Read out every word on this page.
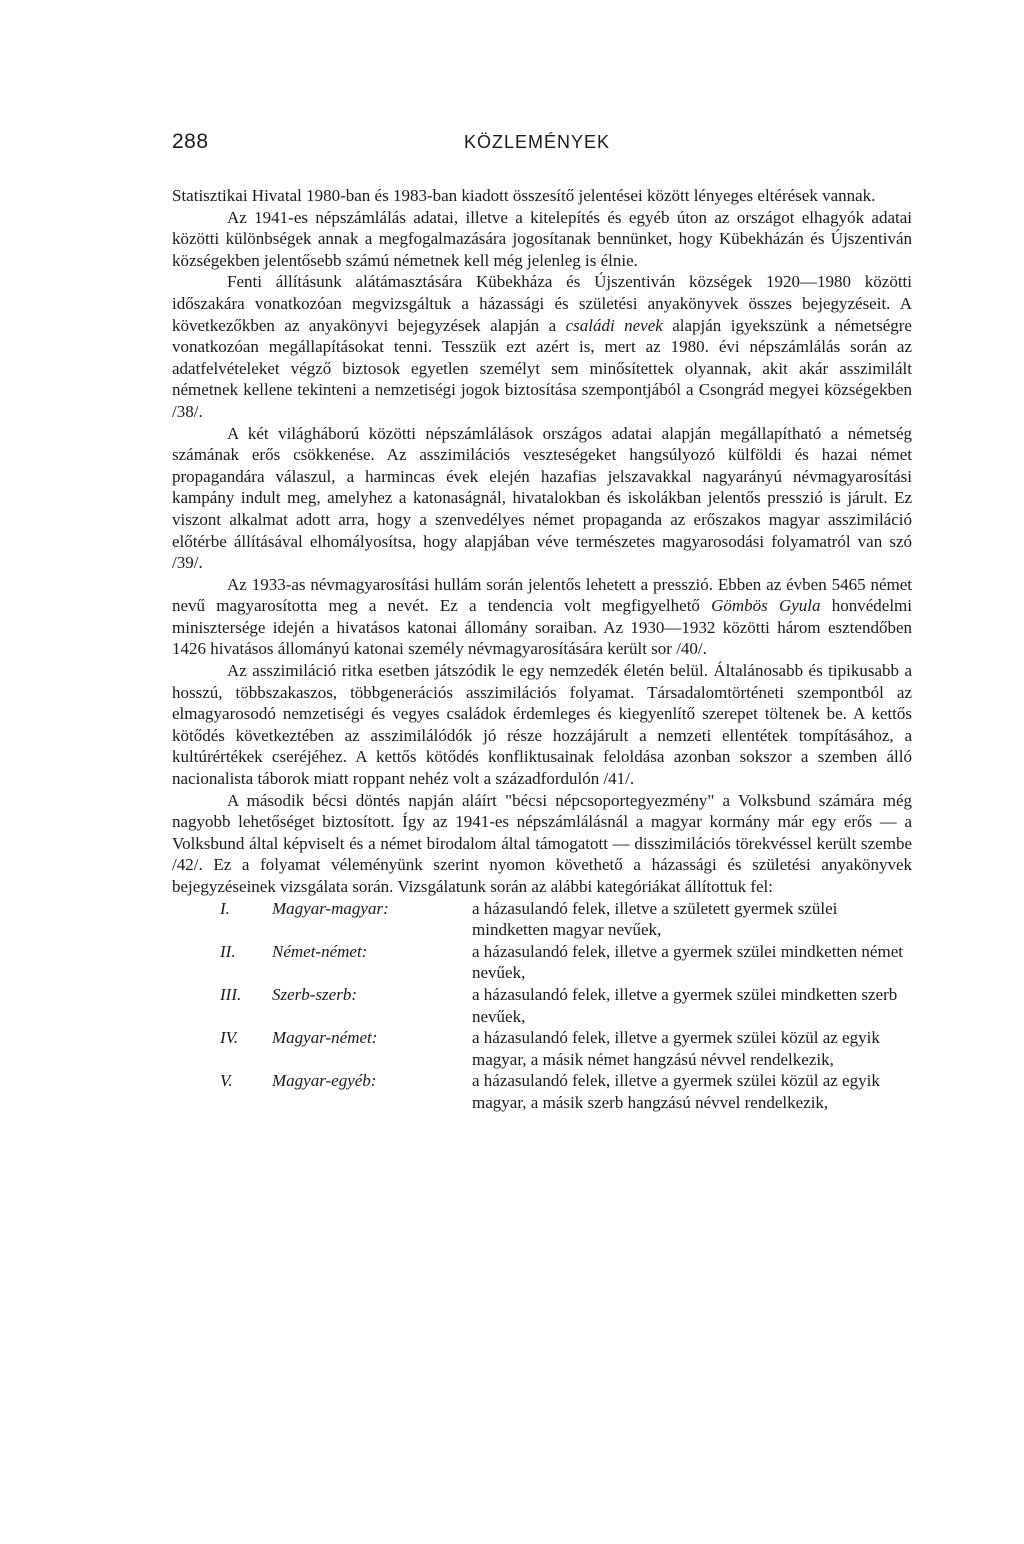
288	KÖZLEMÉNYEK

Statisztikai Hivatal 1980-ban és 1983-ban kiadott összesítő jelentései között lényeges eltérések vannak.

Az 1941-es népszámlálás adatai, illetve a kitelepítés és egyéb úton az országot elhagyók adatai közötti különbségek annak a megfogalmazására jogosítanak bennünket, hogy Kübekházán és Újszentiván községekben jelentősebb számú németnek kell még jelenleg is élnie.

Fenti állításunk alátámasztására Kübekháza és Újszentiván községek 1920—1980 közötti időszakára vonatkozóan megvizsgáltuk a házassági és születési anyakönyvek összes bejegyzéseit. A következőkben az anyakönyvi bejegyzések alapján a családi nevek alapján igyekszünk a németségre vonatkozóan megállapításokat tenni. Tesszük ezt azért is, mert az 1980. évi népszámlálás során az adatfelvételeket végző biztosok egyetlen személyt sem minősítettek olyannak, akit akár asszimilált németnek kellene tekinteni a nemzetiségi jogok biztosítása szempontjából a Csongrád megyei községekben /38/.

A két világháború közötti népszámlálások országos adatai alapján megállapítható a németség számának erős csökkenése. Az asszimilációs veszteségeket hangsúlyozó külföldi és hazai német propagandára válaszul, a harmincas évek elején hazafias jelszavakkal nagyarányú névmagyarosítási kampány indult meg, amelyhez a katonaságnál, hivatalokban és iskolákban jelentős presszió is járult. Ez viszont alkalmat adott arra, hogy a szenvedélyes német propaganda az erőszakos magyar asszimiláció előtérbe állításával elhomályosítsa, hogy alapjában véve természetes magyarosodási folyamatról van szó /39/.

Az 1933-as névmagyarosítási hullám során jelentős lehetett a presszió. Ebben az évben 5465 német nevű magyarosította meg a nevét. Ez a tendencia volt megfigyelhető Gömbös Gyula honvédelmi minisztersége idején a hivatásos katonai állomány soraiban. Az 1930—1932 közötti három esztendőben 1426 hivatásos állományú katonai személy névmagyarosítására került sor /40/.

Az asszimiláció ritka esetben játszódik le egy nemzedék életén belül. Általánosabb és tipikusabb a hosszú, többszakaszos, többgenerációs asszimilációs folyamat. Társadalomtörténeti szempontból az elmagyarosodó nemzetiségi és vegyes családok érdemleges és kiegyenlítő szerepet töltenek be. A kettős kötődés következtében az asszimilálódók jó része hozzájárult a nemzeti ellentétek tompításához, a kultúrértékek cseréjéhez. A kettős kötődés konfliktusainak feloldása azonban sokszor a szemben álló nacionalista táborok miatt roppant nehéz volt a századfordulón /41/.

A második bécsi döntés napján aláírt "bécsi népcsoportegyezmény" a Volksbund számára még nagyobb lehetőséget biztosított. Így az 1941-es népszámlálásnál a magyar kormány már egy erős — a Volksbund által képviselt és a német birodalom által támogatott — disszimilációs törekvéssel került szembe /42/. Ez a folyamat véleményünk szerint nyomon követhető a házassági és születési anyakönyvek bejegyzéseinek vizsgálata során. Vizsgálatunk során az alábbi kategóriákat állítottuk fel:

I.	Magyar-magyar:	a házasulandó felek, illetve a született gyermek szülei mindketten magyar nevűek,
II.	Német-német:	a házasulandó felek, illetve a gyermek szülei mindketten német nevűek,
III.	Szerb-szerb:	a házasulandó felek, illetve a gyermek szülei mindketten szerb nevűek,
IV.	Magyar-német:	a házasulandó felek, illetve a gyermek szülei közül az egyik magyar, a másik német hangzású névvel rendelkezik,
V.	Magyar-egyéb:	a házasulandó felek, illetve a gyermek szülei közül az egyik magyar, a másik szerb hangzású névvel rendelkezik,
